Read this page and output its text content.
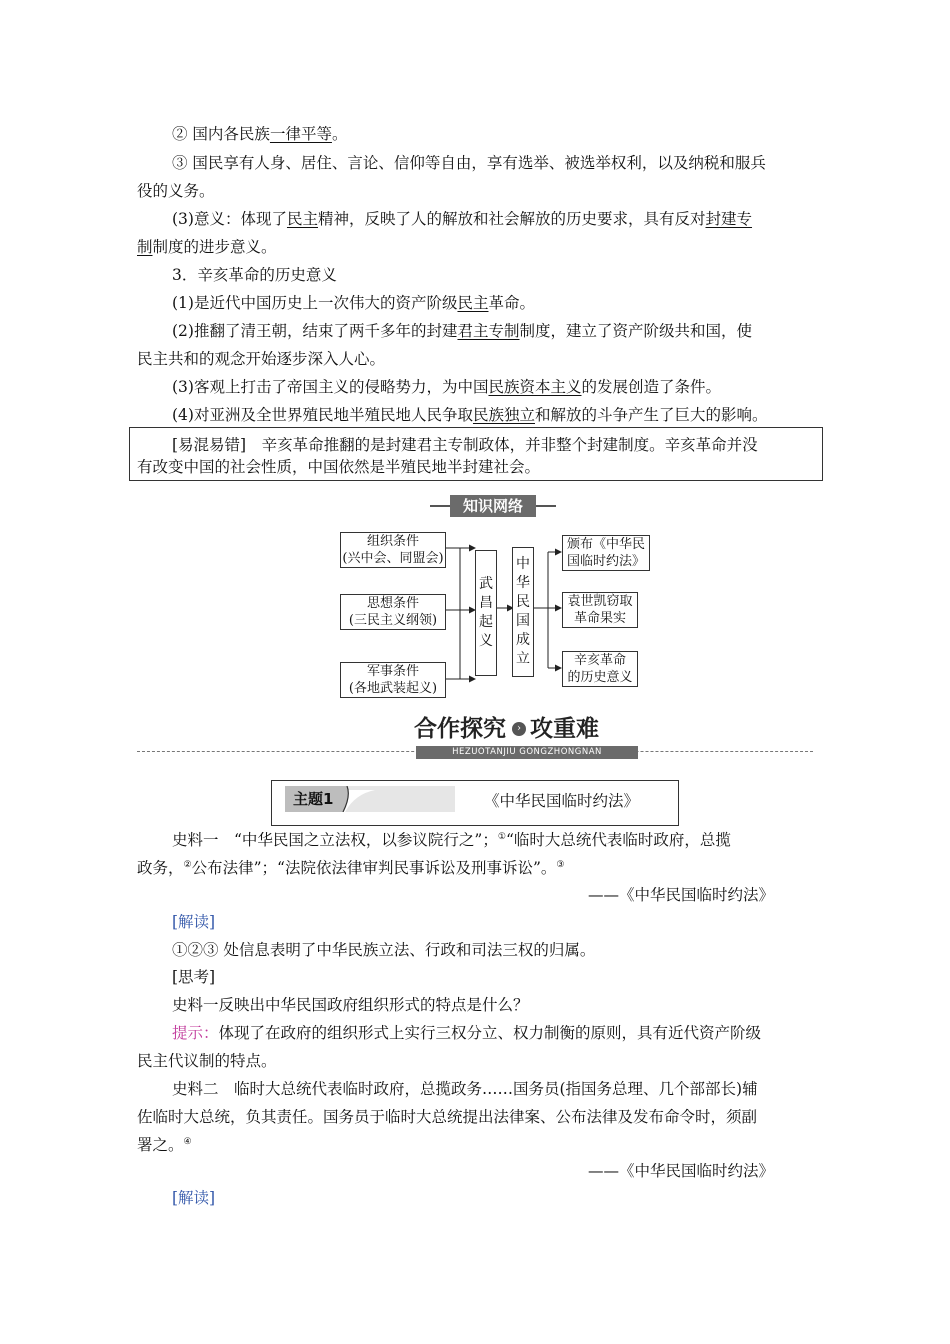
② 国内各民族一律平等。
③ 国民享有人身、居住、言论、信仰等自由，享有选举、被选举权利，以及纳税和服兵
役的义务。
(3)意义：体现了民主精神，反映了人的解放和社会解放的历史要求，具有反对封建专
制制度的进步意义。
3．辛亥革命的历史意义
(1)是近代中国历史上一次伟大的资产阶级民主革命。
(2)推翻了清王朝，结束了两千多年的封建君主专制制度，建立了资产阶级共和国，使
民主共和的观念开始逐步深入人心。
(3)客观上打击了帝国主义的侵略势力，为中国民族资本主义的发展创造了条件。
(4)对亚洲及全世界殖民地半殖民地人民争取民族独立和解放的斗争产生了巨大的影响。
[易混易错]　辛亥革命推翻的是封建君主专制政体，并非整个封建制度。辛亥革命并没
有改变中国的社会性质，中国依然是半殖民地半封建社会。
知识网络
组织条件
(兴中会、同盟会)
思想条件
(三民主义纲领)
军事条件
(各地武装起义)
武
昌
起
义
中
华
民
国
成
立
颁布《中华民
国临时约法》
袁世凯窃取
革命果实
辛亥革命
的历史意义
合作探究	› 攻重难
HEZUOTANJIU GONGZHONGNAN
主题1	《中华民国临时约法》
史料一　“中华民国之立法权，以参议院行之”；①“临时大总统代表临时政府，总揽
政务，②公布法律”；“法院依法律审判民事诉讼及刑事诉讼”。③
——《中华民国临时约法》
[解读]
①②③ 处信息表明了中华民族立法、行政和司法三权的归属。
[思考]
史料一反映出中华民国政府组织形式的特点是什么？
提示：体现了在政府的组织形式上实行三权分立、权力制衡的原则，具有近代资产阶级
民主代议制的特点。
史料二　临时大总统代表临时政府，总揽政务……国务员(指国务总理、几个部部长)辅
佐临时大总统，负其责任。国务员于临时大总统提出法律案、公布法律及发布命令时，须副
署之。④
——《中华民国临时约法》
[解读]
